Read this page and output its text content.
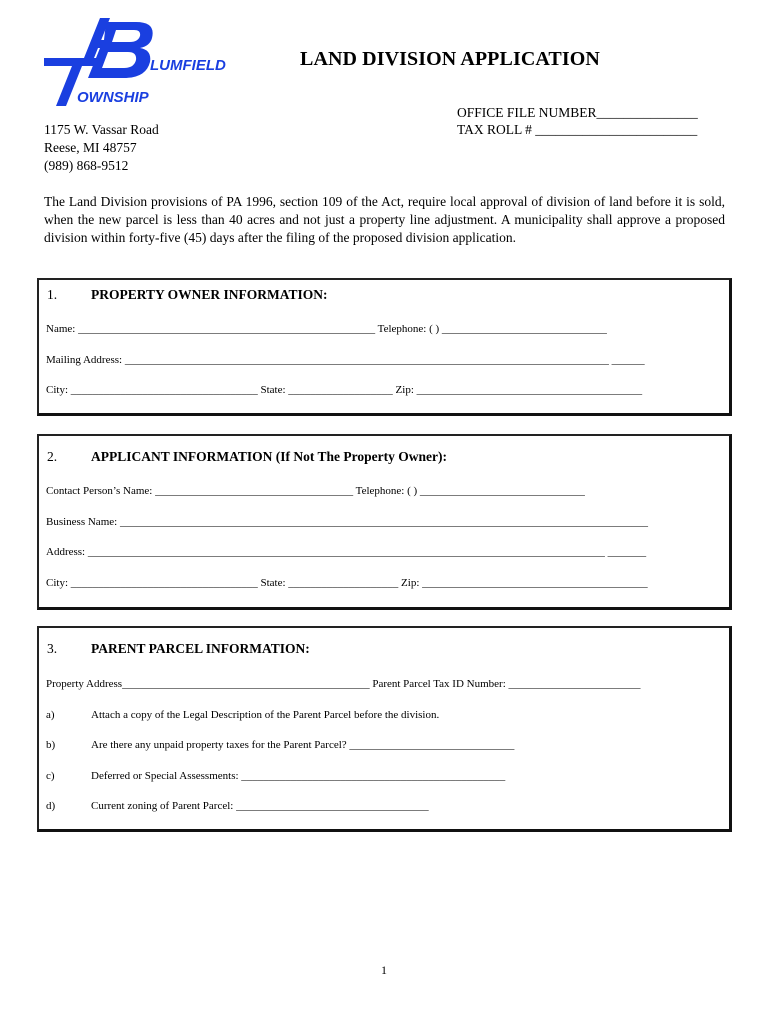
LUMFIELD
OWNSHIP
LAND DIVISION APPLICATION
OFFICE FILE NUMBER_______________
TAX ROLL # ________________________
1175 W. Vassar Road
Reese, MI 48757
(989) 868-9512
The Land Division provisions of PA 1996, section 109 of the Act, require local approval of division of land before it is sold, when the new parcel is less than 40 acres and not just a property line adjustment. A municipality shall approve a proposed division within forty-five (45) days after the filing of the proposed division application.
1.	PROPERTY OWNER INFORMATION:
Name: ______________________________________________________ Telephone: ( ) ______________________________
Mailing Address: ________________________________________________________________________________________ ______
City: __________________________________ State: ___________________ Zip: _________________________________________
2.	APPLICANT INFORMATION (If Not The Property Owner):
Contact Person’s Name: ____________________________________ Telephone: ( ) ______________________________
Business Name: ________________________________________________________________________________________________
Address: ______________________________________________________________________________________________ _______
City: __________________________________ State: ____________________ Zip: _________________________________________
3.	PARENT PARCEL INFORMATION:
Property Address_____________________________________________ Parent Parcel Tax ID Number: ________________________
a)	Attach a copy of the Legal Description of the Parent Parcel before the division.
b)	Are there any unpaid property taxes for the Parent Parcel? ______________________________
c)	Deferred or Special Assessments: ________________________________________________
d)	Current zoning of Parent Parcel: ___________________________________
1
